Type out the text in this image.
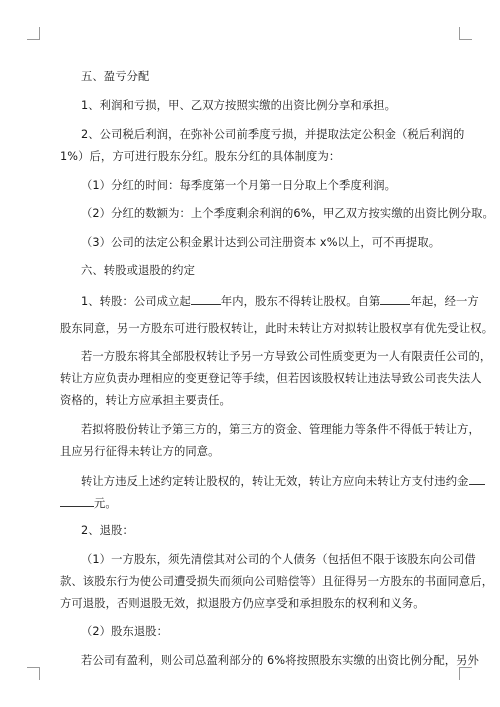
五、盈亏分配
1、利润和亏损，甲、乙双方按照实缴的出资比例分享和承担。
2、公司税后利润，在弥补公司前季度亏损，并提取法定公积金（税后利润的
1%）后，方可进行股东分红。股东分红的具体制度为：
（1）分红的时间：每季度第一个月第一日分取上个季度利润。
（2）分红的数额为：上个季度剩余利润的6%，甲乙双方按实缴的出资比例分取。
（3）公司的法定公积金累计达到公司注册资本 x%以上，可不再提取。
六、转股或退股的约定
1、转股：公司成立起	年内，股东不得转让股权。自第	年起，经一方
股东同意，另一方股东可进行股权转让，此时未转让方对拟转让股权享有优先受让权。
若一方股东将其全部股权转让予另一方导致公司性质变更为一人有限责任公司的，
转让方应负责办理相应的变更登记等手续，但若因该股权转让违法导致公司丧失法人
资格的，转让方应承担主要责任。
若拟将股份转让予第三方的，第三方的资金、管理能力等条件不得低于转让方，
且应另行征得未转让方的同意。
转让方违反上述约定转让股权的，转让无效，转让方应向未转让方支付违约金
元。
2、退股：
（1）一方股东，须先清偿其对公司的个人债务（包括但不限于该股东向公司借
款、该股东行为使公司遭受损失而须向公司赔偿等）且征得另一方股东的书面同意后，
方可退股，否则退股无效，拟退股方仍应享受和承担股东的权利和义务。
（2）股东退股：
若公司有盈利，则公司总盈利部分的 6%将按照股东实缴的出资比例分配，另外
